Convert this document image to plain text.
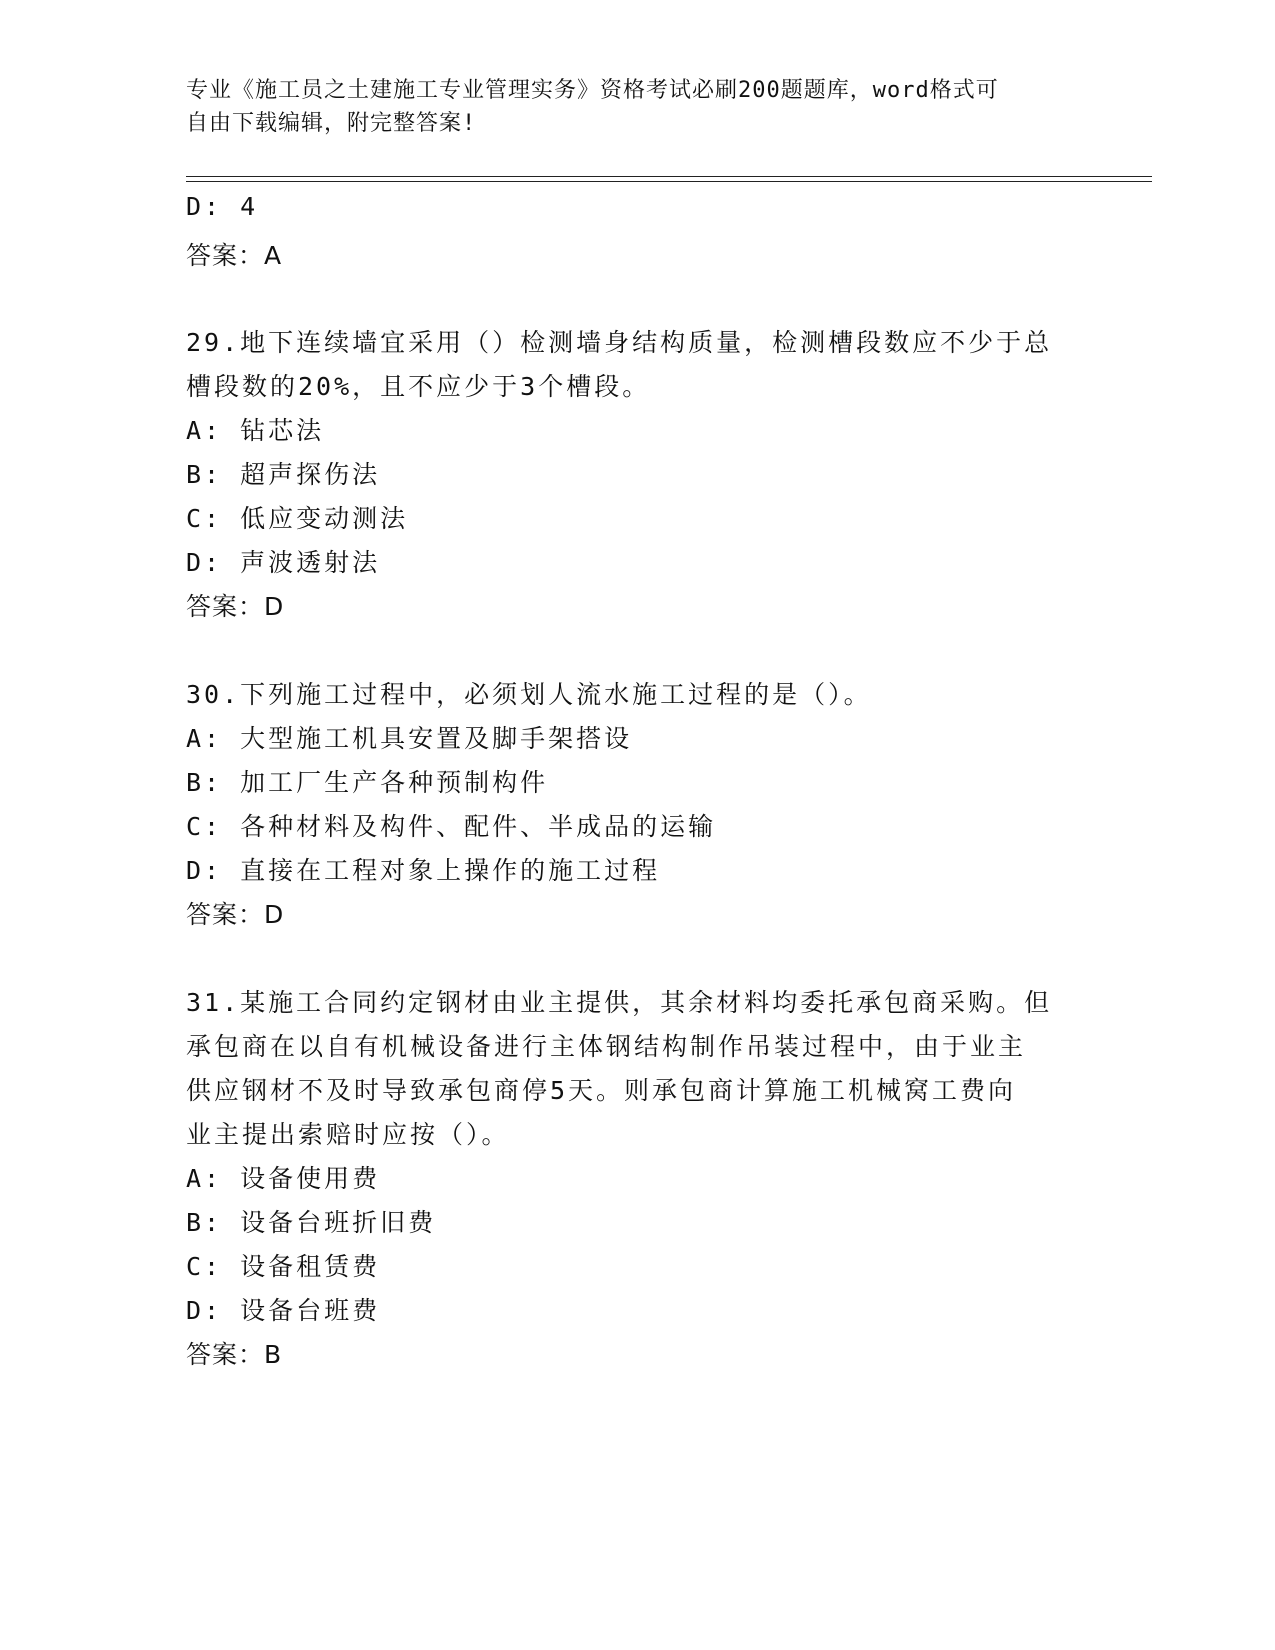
专业《施工员之土建施工专业管理实务》资格考试必刷200题题库，word格式可
自由下载编辑，附完整答案!
D: 4
答案：A
29.地下连续墙宜采用（）检测墙身结构质量，检测槽段数应不少于总
槽段数的20%，且不应少于3个槽段。
A: 钻芯法
B: 超声探伤法
C: 低应变动测法
D: 声波透射法
答案：D
30.下列施工过程中，必须划人流水施工过程的是（）。
A: 大型施工机具安置及脚手架搭设
B: 加工厂生产各种预制构件
C: 各种材料及构件、配件、半成品的运输
D: 直接在工程对象上操作的施工过程
答案：D
31.某施工合同约定钢材由业主提供，其余材料均委托承包商采购。但
承包商在以自有机械设备进行主体钢结构制作吊装过程中，由于业主
供应钢材不及时导致承包商停5天。则承包商计算施工机械窝工费向
业主提出索赔时应按（）。
A: 设备使用费
B: 设备台班折旧费
C: 设备租赁费
D: 设备台班费
答案：B
